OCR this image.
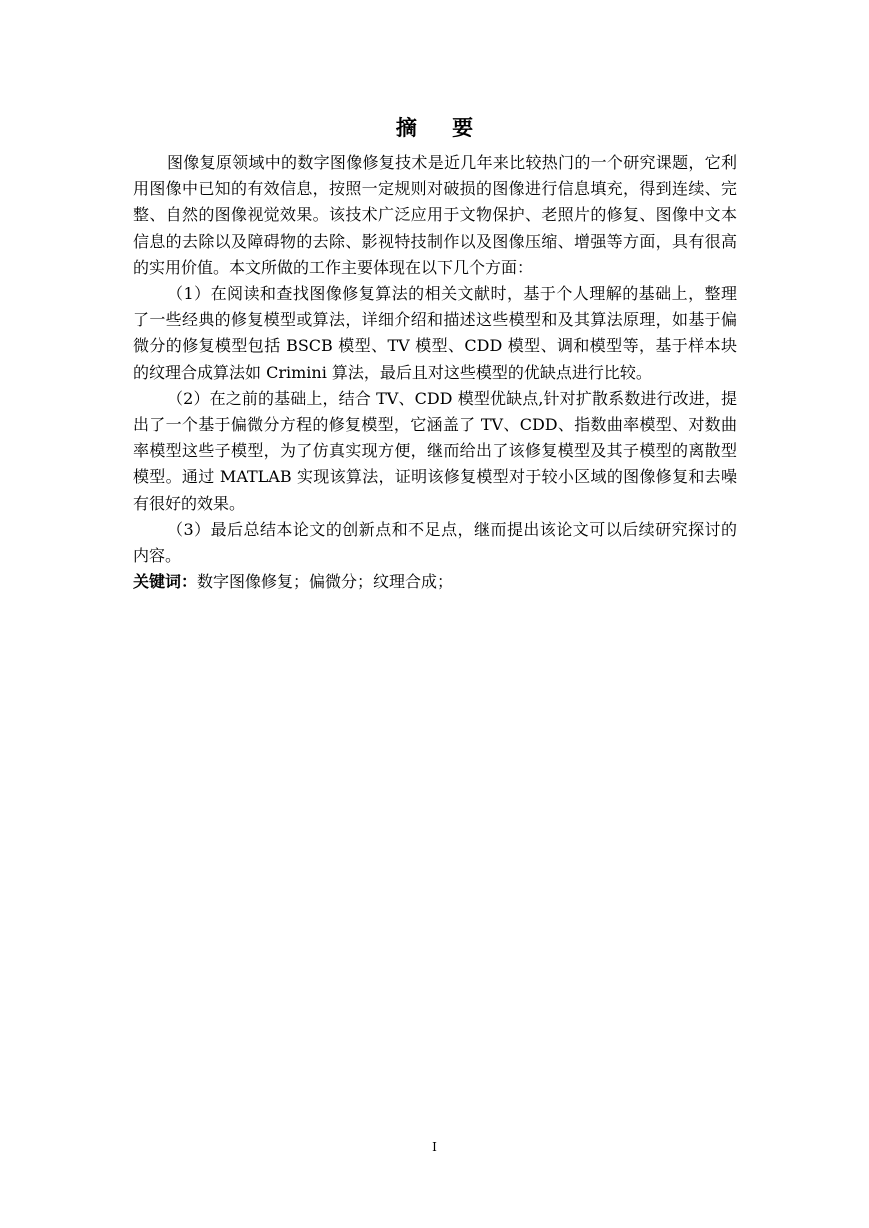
摘 要

图像复原领域中的数字图像修复技术是近几年来比较热门的一个研究课题，它利用图像中已知的有效信息，按照一定规则对破损的图像进行信息填充，得到连续、完整、自然的图像视觉效果。该技术广泛应用于文物保护、老照片的修复、图像中文本信息的去除以及障碍物的去除、影视特技制作以及图像压缩、增强等方面，具有很高的实用价值。本文所做的工作主要体现在以下几个方面：

（1）在阅读和查找图像修复算法的相关文献时，基于个人理解的基础上，整理了一些经典的修复模型或算法，详细介绍和描述这些模型和及其算法原理，如基于偏微分的修复模型包括 BSCB 模型、TV 模型、CDD 模型、调和模型等，基于样本块的纹理合成算法如 Crimini 算法，最后且对这些模型的优缺点进行比较。

（2）在之前的基础上，结合 TV、CDD 模型优缺点,针对扩散系数进行改进，提出了一个基于偏微分方程的修复模型，它涵盖了 TV、CDD、指数曲率模型、对数曲率模型这些子模型，为了仿真实现方便，继而给出了该修复模型及其子模型的离散型模型。通过 MATLAB 实现该算法，证明该修复模型对于较小区域的图像修复和去噪有很好的效果。

（3）最后总结本论文的创新点和不足点，继而提出该论文可以后续研究探讨的内容。

关键词：数字图像修复；偏微分；纹理合成；

I
